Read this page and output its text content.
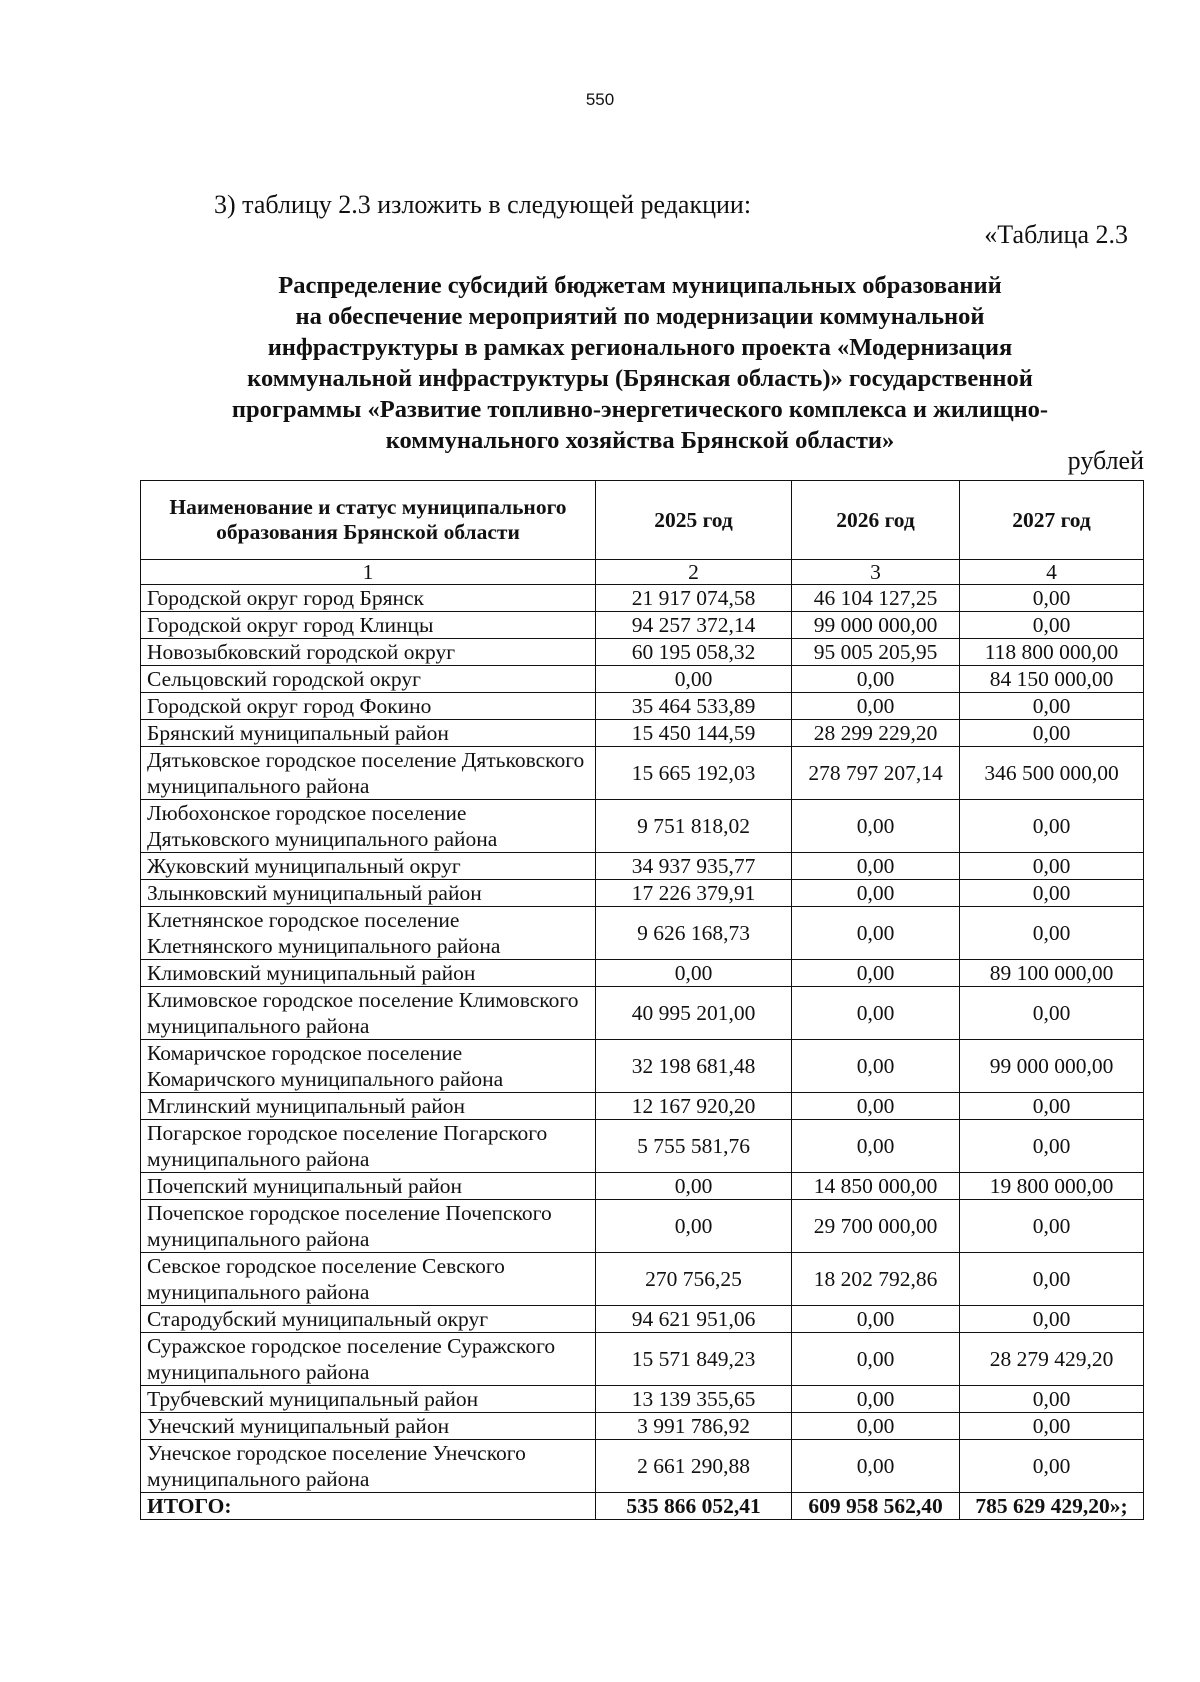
550
3) таблицу 2.3 изложить в следующей редакции:
«Таблица 2.3
Распределение субсидий бюджетам муниципальных образований
на обеспечение мероприятий по модернизации коммунальной
инфраструктуры в рамках регионального проекта «Модернизация
коммунальной инфраструктуры (Брянская область)» государственной
программы «Развитие топливно-энергетического комплекса и жилищно-
коммунального хозяйства Брянской области»
рублей
Наименование и статус муниципального образования Брянской области	2025 год	2026 год	2027 год
1	2	3	4
Городской округ город Брянск	21 917 074,58	46 104 127,25	0,00
Городской округ город Клинцы	94 257 372,14	99 000 000,00	0,00
Новозыбковский городской округ	60 195 058,32	95 005 205,95	118 800 000,00
Сельцовский городской округ	0,00	0,00	84 150 000,00
Городской округ город Фокино	35 464 533,89	0,00	0,00
Брянский муниципальный район	15 450 144,59	28 299 229,20	0,00
Дятьковское городское поселение Дятьковского муниципального района	15 665 192,03	278 797 207,14	346 500 000,00
Любохонское городское поселение Дятьковского муниципального района	9 751 818,02	0,00	0,00
Жуковский муниципальный округ	34 937 935,77	0,00	0,00
Злынковский муниципальный район	17 226 379,91	0,00	0,00
Клетнянское городское поселение Клетнянского муниципального района	9 626 168,73	0,00	0,00
Климовский муниципальный район	0,00	0,00	89 100 000,00
Климовское городское поселение Климовского муниципального района	40 995 201,00	0,00	0,00
Комаричское городское поселение Комаричского муниципального района	32 198 681,48	0,00	99 000 000,00
Мглинский муниципальный район	12 167 920,20	0,00	0,00
Погарское городское поселение Погарского муниципального района	5 755 581,76	0,00	0,00
Почепский муниципальный район	0,00	14 850 000,00	19 800 000,00
Почепское городское поселение Почепского муниципального района	0,00	29 700 000,00	0,00
Севское городское поселение Севского муниципального района	270 756,25	18 202 792,86	0,00
Стародубский муниципальный округ	94 621 951,06	0,00	0,00
Суражское городское поселение Суражского муниципального района	15 571 849,23	0,00	28 279 429,20
Трубчевский муниципальный район	13 139 355,65	0,00	0,00
Унечский муниципальный район	3 991 786,92	0,00	0,00
Унечское городское поселение Унечского муниципального района	2 661 290,88	0,00	0,00
ИТОГО:	535 866 052,41	609 958 562,40	785 629 429,20»;
